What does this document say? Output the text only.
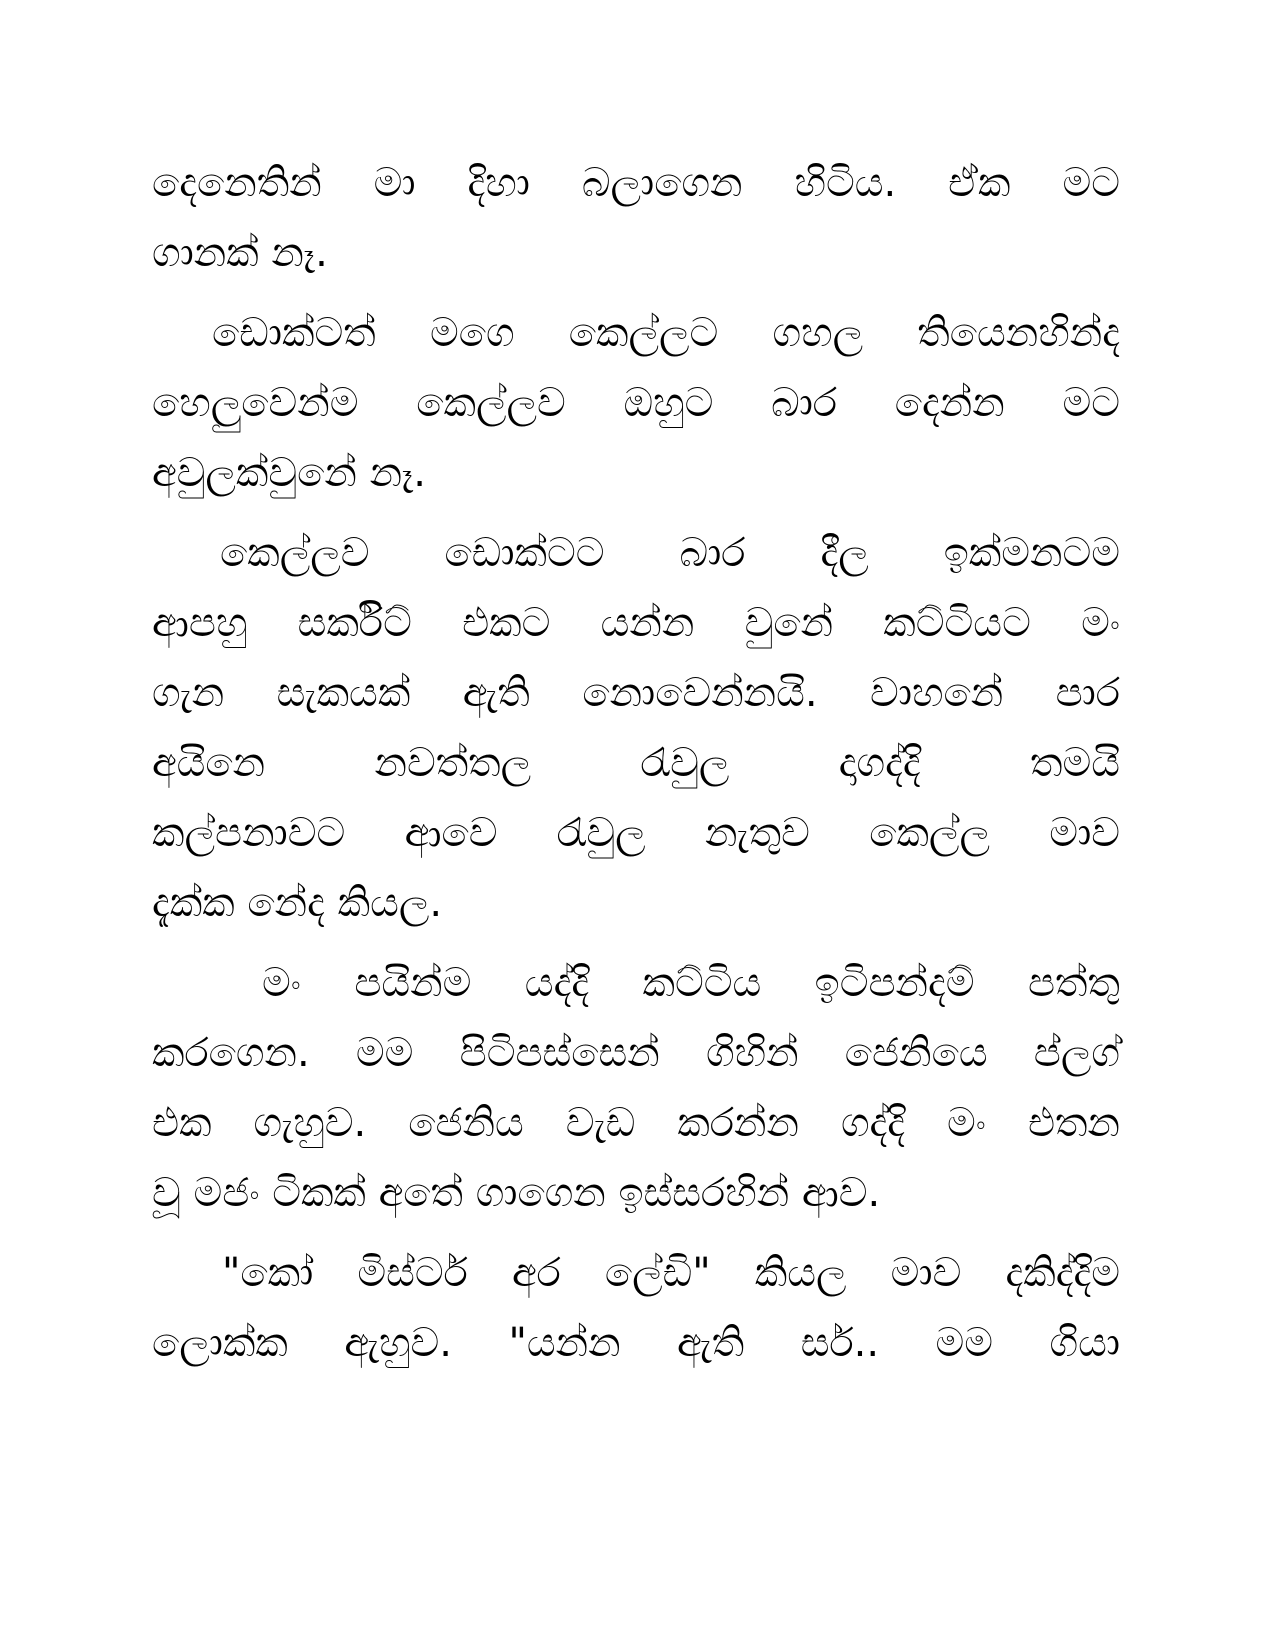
දෙනෙතින් මා දිහා බලාගෙන හිටිය. ඒක මට
ගානක් නෑ.
ඩොක්ටත් මගෙ කෙල්ලට ගහල තියෙනහින්ද
හෙලුවෙන්ම කෙල්ලව ඔහුට බාර දෙන්න මට
අවුලක්වුනේ නෑ.
කෙල්ලව ඩොක්ටට බාර දීල ඉක්මනටම
ආපහු සර්කිට් එකට යන්න වුනේ කට්ටියට මං
ගැන සැකයක් ඇති නොවෙන්නයි. වාහනේ පාර
අයිනෙ නවත්තල රැවුල දාගද්දි තමයි
කල්පනාවට ආවෙ රැවුල නැතුව කෙල්ල මාව
දැක්ක නේද කියල.
මං පයින්ම යද්දි කට්ටිය ඉටිපන්දම් පත්තු
කරගෙන. මම පිටිපස්සෙන් ගිහින් ජෙනියෙ ප්ලග්
එක ගැහුව. ජෙනිය වැඩ කරන්න ගද්දි මං එතන
වූ මජං ටිකක් අතේ ගාගෙන ඉස්සරහින් ආව.
"කෝ මිස්ටර් අර ලේඩි" කියල මාව දකිද්දිම
ලොක්ක ඇහුව. "යන්න ඇති සර්.. මම ගියා
